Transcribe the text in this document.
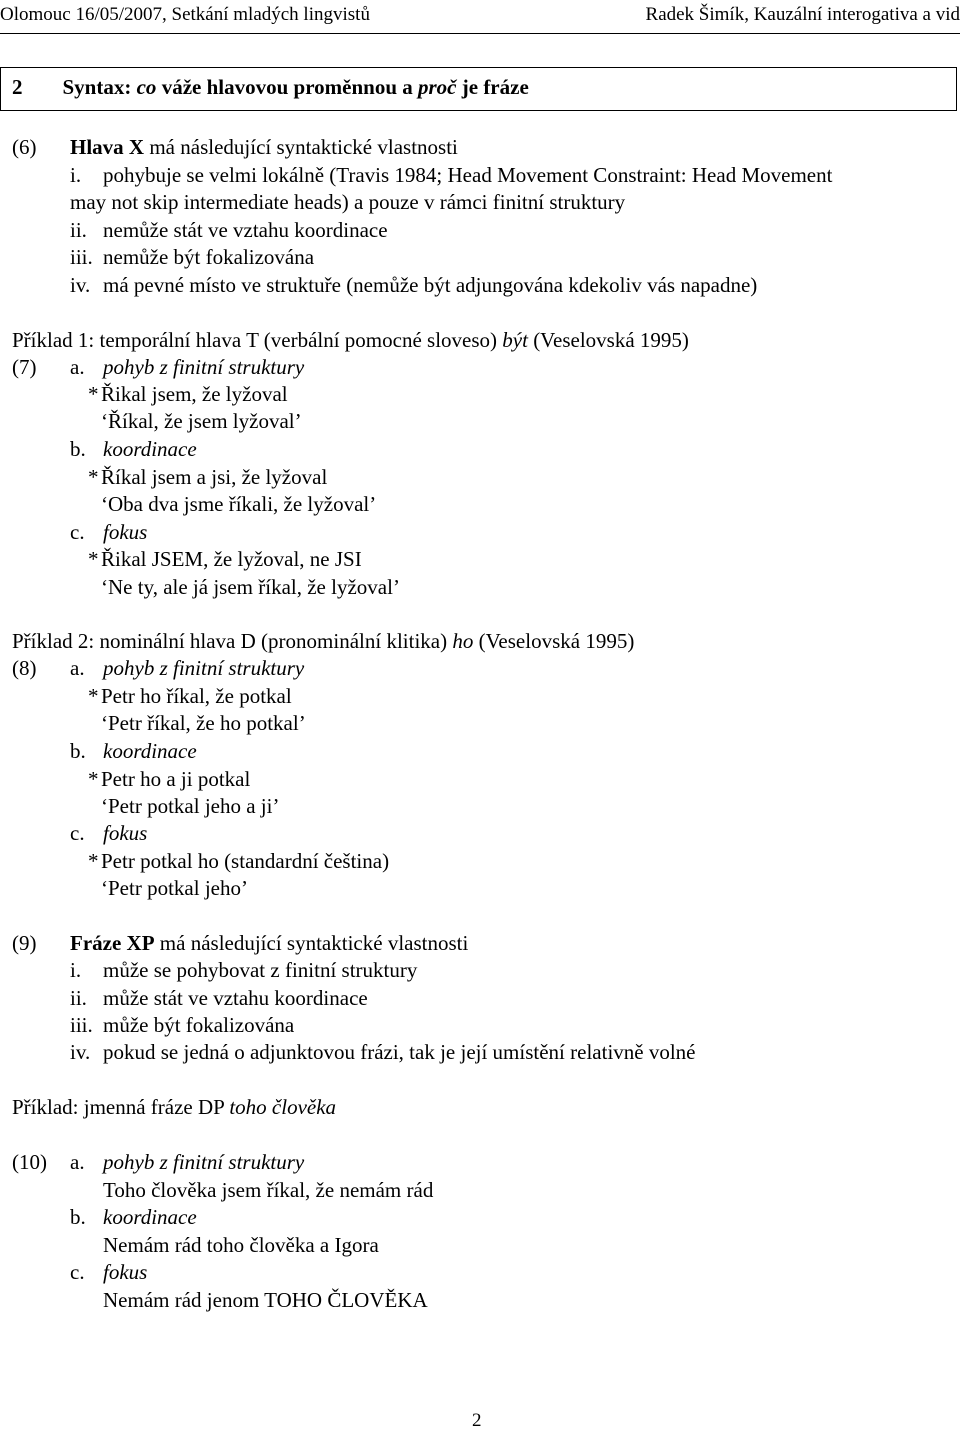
Olomouc 16/05/2007, Setkání mladých lingvistů	Radek Šimík, Kauzální interogativa a vid
2 Syntax: co váže hlavovou proměnnou a proč je fráze
(6) Hlava X má následující syntaktické vlastnosti
i. pohybuje se velmi lokálně (Travis 1984; Head Movement Constraint: Head Movement
may not skip intermediate heads) a pouze v rámci finitní struktury
ii. nemůže stát ve vztahu koordinace
iii. nemůže být fokalizována
iv. má pevné místo ve struktuře (nemůže být adjungována kdekoliv vás napadne)
Příklad 1: temporální hlava T (verbální pomocné sloveso) být (Veselovská 1995)
(7) a. pohyb z finitní struktury
* Řikal jsem, že lyžoval
‘Říkal, že jsem lyžoval’
b. koordinace
* Říkal jsem a jsi, že lyžoval
‘Oba dva jsme říkali, že lyžoval’
c. fokus
* Řikal JSEM, že lyžoval, ne JSI
‘Ne ty, ale já jsem říkal, že lyžoval’
Příklad 2: nominální hlava D (pronominální klitika) ho (Veselovská 1995)
(8) a. pohyb z finitní struktury
* Petr ho říkal, že potkal
‘Petr říkal, že ho potkal’
b. koordinace
* Petr ho a ji potkal
‘Petr potkal jeho a ji’
c. fokus
* Petr potkal ho (standardní čeština)
‘Petr potkal jeho’
(9) Fráze XP má následující syntaktické vlastnosti
i. může se pohybovat z finitní struktury
ii. může stát ve vztahu koordinace
iii. může být fokalizována
iv. pokud se jedná o adjunktovou frázi, tak je její umístění relativně volné
Příklad: jmenná fráze DP toho člověka
(10) a. pohyb z finitní struktury
Toho člověka jsem říkal, že nemám rád
b. koordinace
Nemám rád toho člověka a Igora
c. fokus
Nemám rád jenom TOHO ČLOVĚKA
2
